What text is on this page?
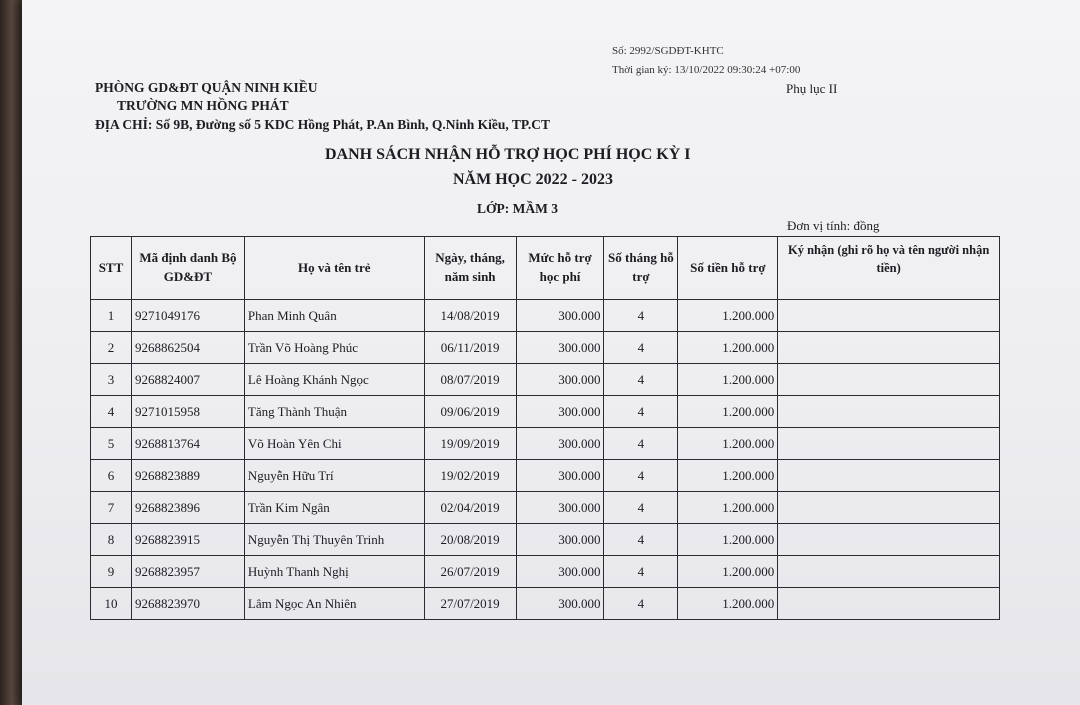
Số: 2992/SGDĐT-KHTC
Thời gian ký: 13/10/2022 09:30:24 +07:00
Phụ lục II
PHÒNG GD&ĐT QUẬN NINH KIỀU
TRƯỜNG MN HỒNG PHÁT
ĐỊA CHỈ: Số 9B, Đường số 5 KDC Hồng Phát, P.An Bình, Q.Ninh Kiều, TP.CT
DANH SÁCH NHẬN HỖ TRỢ HỌC PHÍ HỌC KỲ I
NĂM HỌC 2022 - 2023
LỚP: MẦM 3
Đơn vị tính: đồng
STT	Mã định danh Bộ GD&ĐT	Họ và tên trẻ	Ngày, tháng, năm sinh	Mức hỗ trợ học phí	Số tháng hỗ trợ	Số tiền hỗ trợ	Ký nhận (ghi rõ họ và tên người nhận tiền)
1	9271049176	Phan Minh Quân	14/08/2019	300.000	4	1.200.000	
2	9268862504	Trần Võ Hoàng Phúc	06/11/2019	300.000	4	1.200.000	
3	9268824007	Lê Hoàng Khánh Ngọc	08/07/2019	300.000	4	1.200.000	
4	9271015958	Tăng Thành Thuận	09/06/2019	300.000	4	1.200.000	
5	9268813764	Võ Hoàn Yên Chi	19/09/2019	300.000	4	1.200.000	
6	9268823889	Nguyễn Hữu Trí	19/02/2019	300.000	4	1.200.000	
7	9268823896	Trần Kim Ngân	02/04/2019	300.000	4	1.200.000	
8	9268823915	Nguyễn Thị Thuyên Trinh	20/08/2019	300.000	4	1.200.000	
9	9268823957	Huỳnh Thanh Nghị	26/07/2019	300.000	4	1.200.000	
10	9268823970	Lâm Ngọc An Nhiên	27/07/2019	300.000	4	1.200.000	
